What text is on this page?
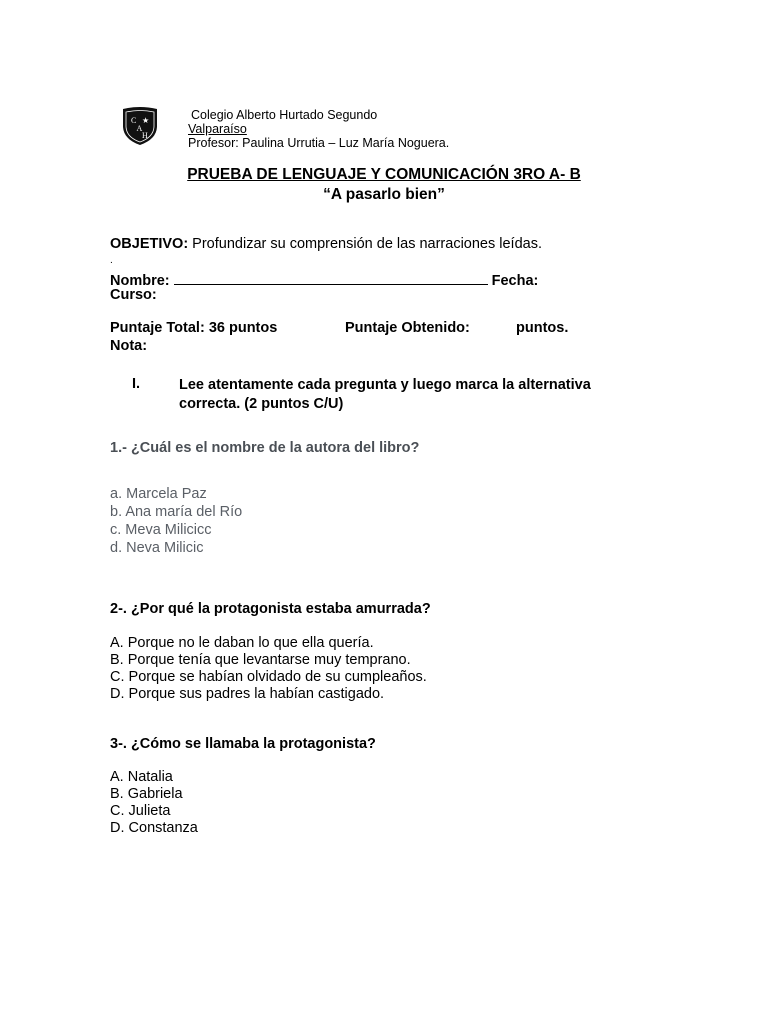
C ★
A
H
Colegio Alberto Hurtado Segundo
Valparaíso
Profesor: Paulina Urrutia – Luz María Noguera.
PRUEBA DE LENGUAJE Y COMUNICACIÓN 3RO A- B
“A pasarlo bien”
OBJETIVO: Profundizar su comprensión de las narraciones leídas.
.
Nombre:	Fecha:
Curso:
Puntaje Total: 36 puntos	Puntaje Obtenido:	puntos.
Nota:
I.	Lee atentamente cada pregunta y luego marca la alternativa correcta. (2 puntos C/U)
1.- ¿Cuál es el nombre de la autora del libro?
a. Marcela Paz
b. Ana maría del Río
c. Meva Milicicc
d. Neva Milicic
2-. ¿Por qué la protagonista estaba amurrada?
A. Porque no le daban lo que ella quería.
B. Porque tenía que levantarse muy temprano.
C. Porque se habían olvidado de su cumpleaños.
D. Porque sus padres la habían castigado.
3-. ¿Cómo se llamaba la protagonista?
A. Natalia
B. Gabriela
C. Julieta
D. Constanza
